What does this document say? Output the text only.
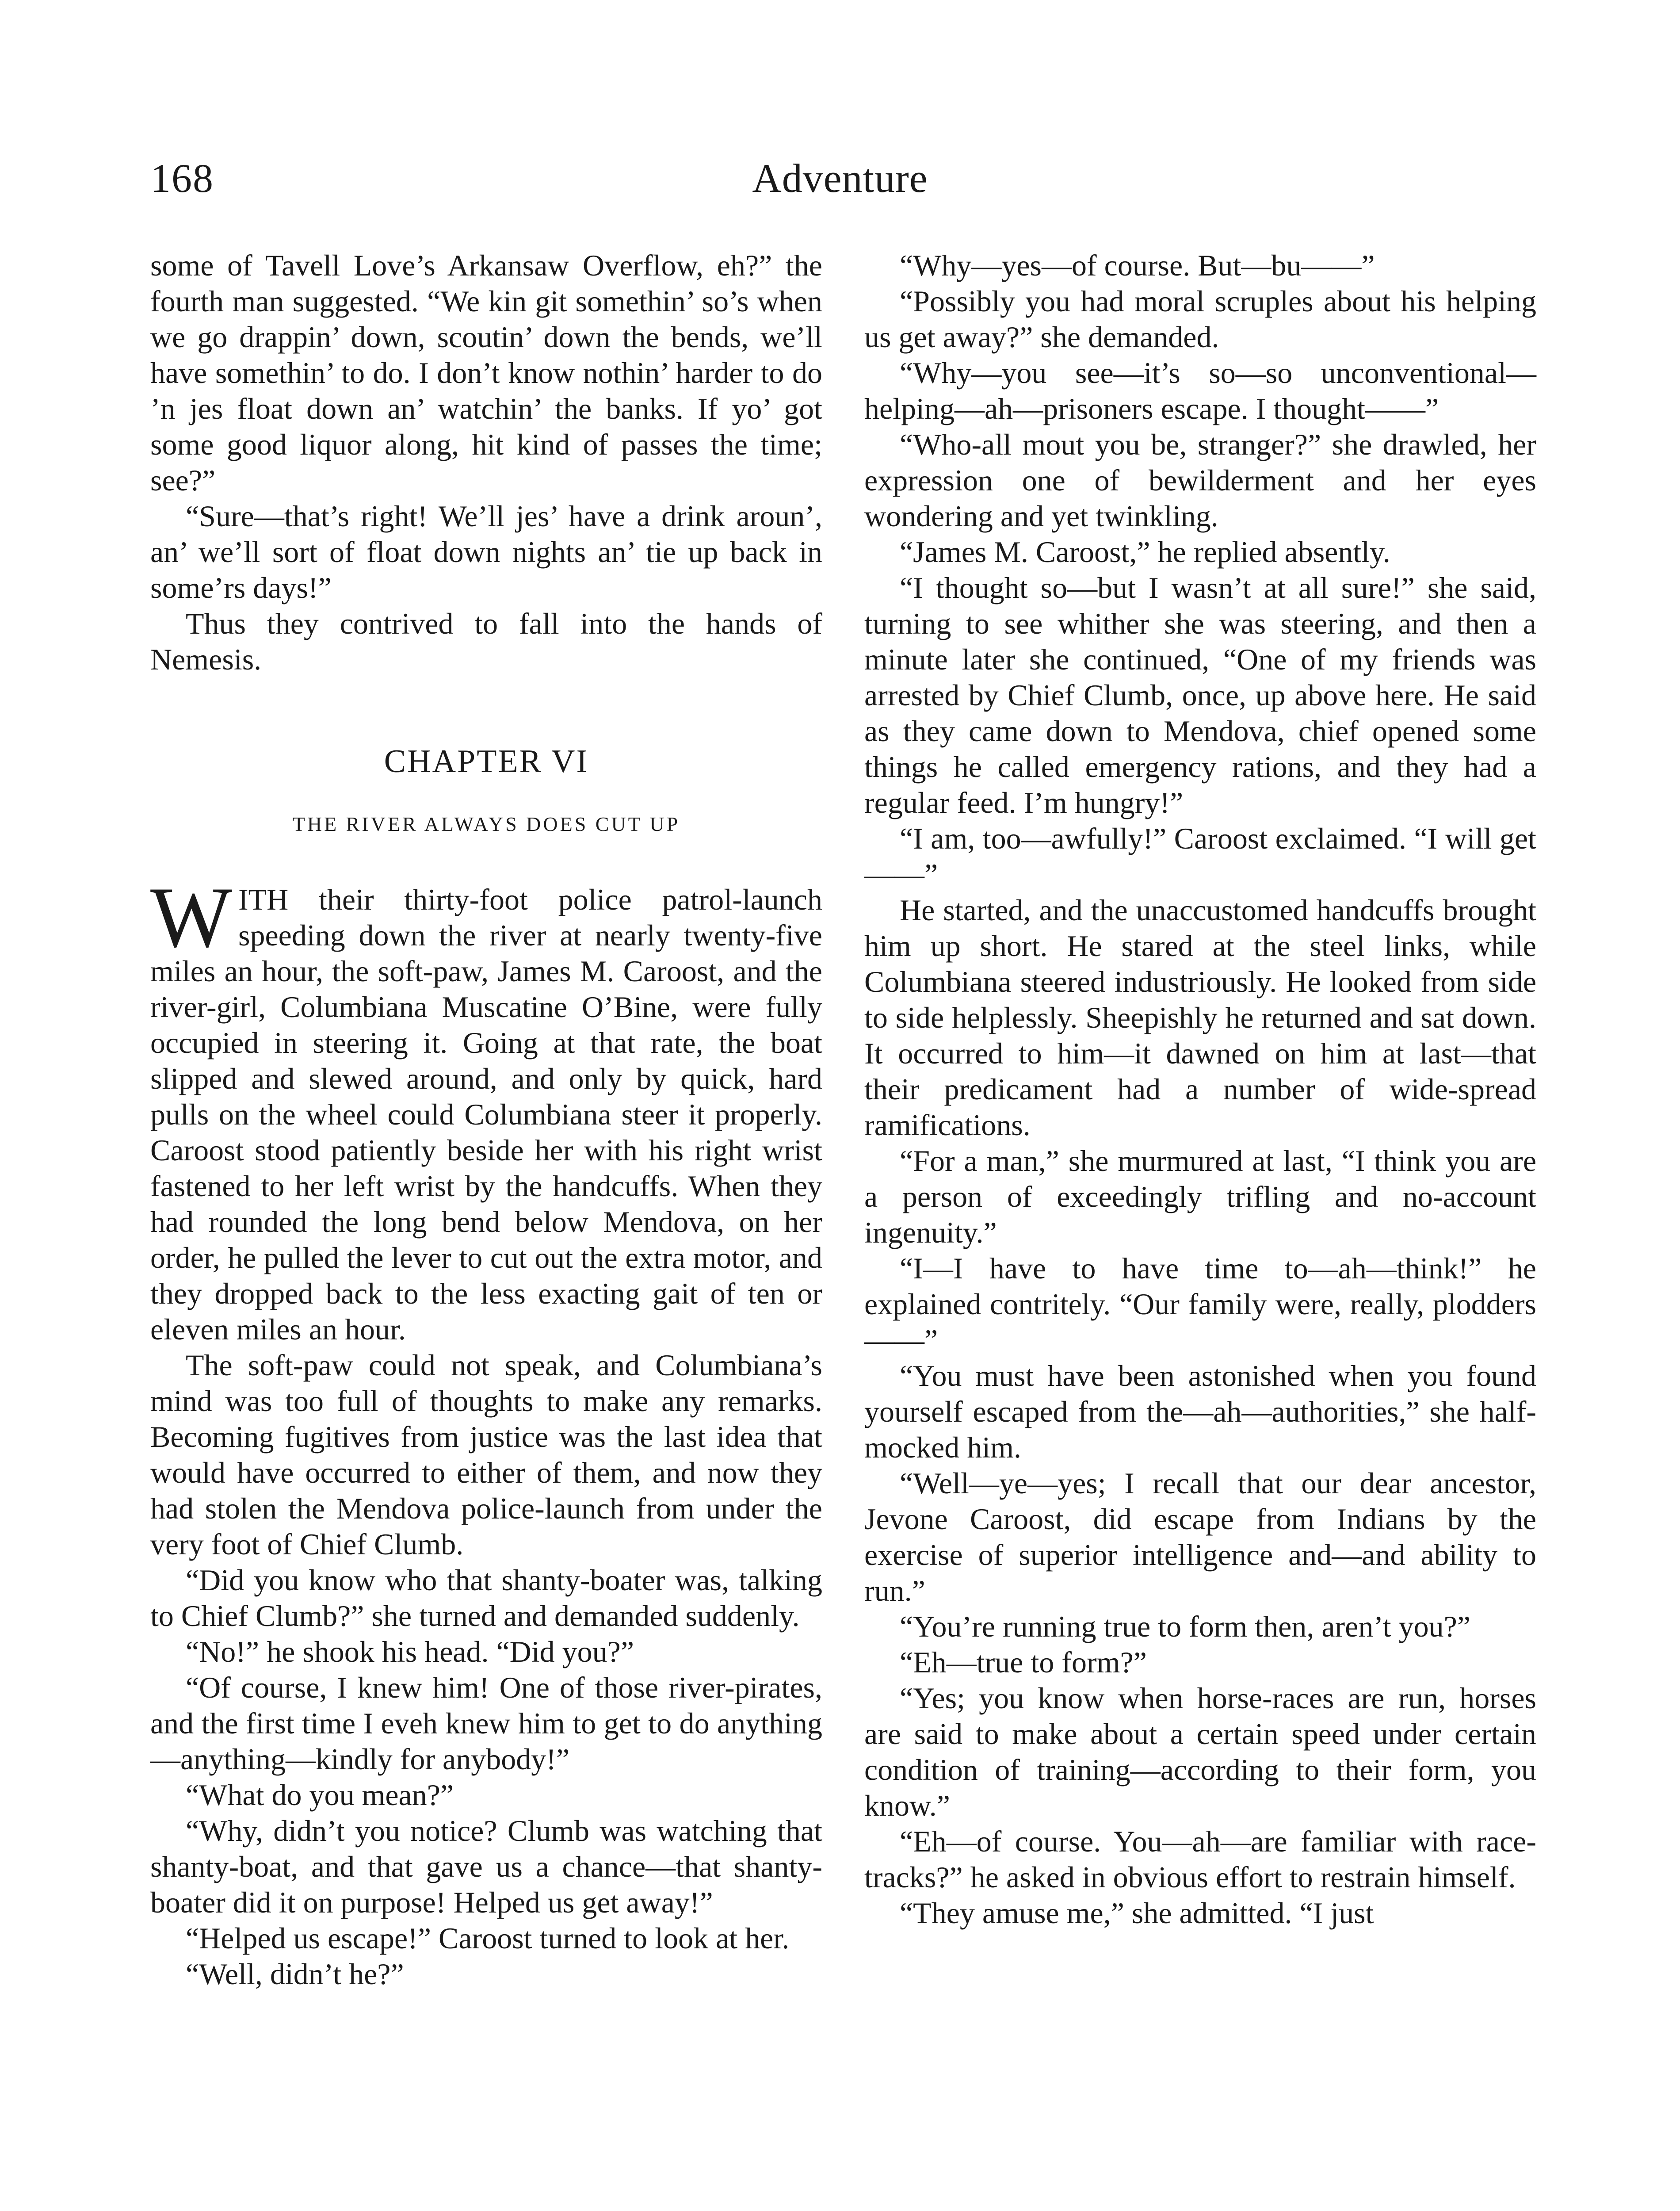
168	Adventure

some of Tavell Love’s Arkansaw Overflow, eh?” the fourth man suggested. “We kin git somethin’ so’s when we go drappin’ down, scoutin’ down the bends, we’ll have somethin’ to do. I don’t know nothin’ harder to do ’n jes float down an’ watchin’ the banks. If yo’ got some good liquor along, hit kind of passes the time; see?”

“Sure—that’s right! We’ll jes’ have a drink aroun’, an’ we’ll sort of float down nights an’ tie up back in some’rs days!”

Thus they contrived to fall into the hands of Nemesis.

CHAPTER VI
THE RIVER ALWAYS DOES CUT UP

WITH their thirty-foot police patrol-launch speeding down the river at nearly twenty-five miles an hour, the soft-paw, James M. Caroost, and the river-girl, Columbiana Muscatine O’Bine, were fully occupied in steering it. Going at that rate, the boat slipped and slewed around, and only by quick, hard pulls on the wheel could Columbiana steer it properly. Caroost stood patiently beside her with his right wrist fastened to her left wrist by the handcuffs. When they had rounded the long bend below Mendova, on her order, he pulled the lever to cut out the extra motor, and they dropped back to the less exacting gait of ten or eleven miles an hour.

The soft-paw could not speak, and Columbiana’s mind was too full of thoughts to make any remarks. Becoming fugitives from justice was the last idea that would have occurred to either of them, and now they had stolen the Mendova police-launch from under the very foot of Chief Clumb.

“Did you know who that shanty-boater was, talking to Chief Clumb?” she turned and demanded suddenly.

“No!” he shook his head. “Did you?”

“Of course, I knew him! One of those river-pirates, and the first time I eveh knew him to get to do anything—anything—kindly for anybody!”

“What do you mean?”

“Why, didn’t you notice? Clumb was watching that shanty-boat, and that gave us a chance—that shanty-boater did it on purpose! Helped us get away!”

“Helped us escape!” Caroost turned to look at her.

“Well, didn’t he?”

“Why—yes—of course. But—bu——”

“Possibly you had moral scruples about his helping us get away?” she demanded.

“Why—you see—it’s so—so unconventional—helping—ah—prisoners escape. I thought——”

“Who-all mout you be, stranger?” she drawled, her expression one of bewilderment and her eyes wondering and yet twinkling.

“James M. Caroost,” he replied absently.

“I thought so—but I wasn’t at all sure!” she said, turning to see whither she was steering, and then a minute later she continued, “One of my friends was arrested by Chief Clumb, once, up above here. He said as they came down to Mendova, chief opened some things he called emergency rations, and they had a regular feed. I’m hungry!”

“I am, too—awfully!” Caroost exclaimed. “I will get——”

He started, and the unaccustomed handcuffs brought him up short. He stared at the steel links, while Columbiana steered industriously. He looked from side to side helplessly. Sheepishly he returned and sat down. It occurred to him—it dawned on him at last—that their predicament had a number of wide-spread ramifications.

“For a man,” she murmured at last, “I think you are a person of exceedingly trifling and no-account ingenuity.”

“I—I have to have time to—ah—think!” he explained contritely. “Our family were, really, plodders——”

“You must have been astonished when you found yourself escaped from the—ah—authorities,” she half-mocked him.

“Well—ye—yes; I recall that our dear ancestor, Jevone Caroost, did escape from Indians by the exercise of superior intelligence and—and ability to run.”

“You’re running true to form then, aren’t you?”

“Eh—true to form?”

“Yes; you know when horse-races are run, horses are said to make about a certain speed under certain condition of training—according to their form, you know.”

“Eh—of course. You—ah—are familiar with race-tracks?” he asked in obvious effort to restrain himself.

“They amuse me,” she admitted. “I just
